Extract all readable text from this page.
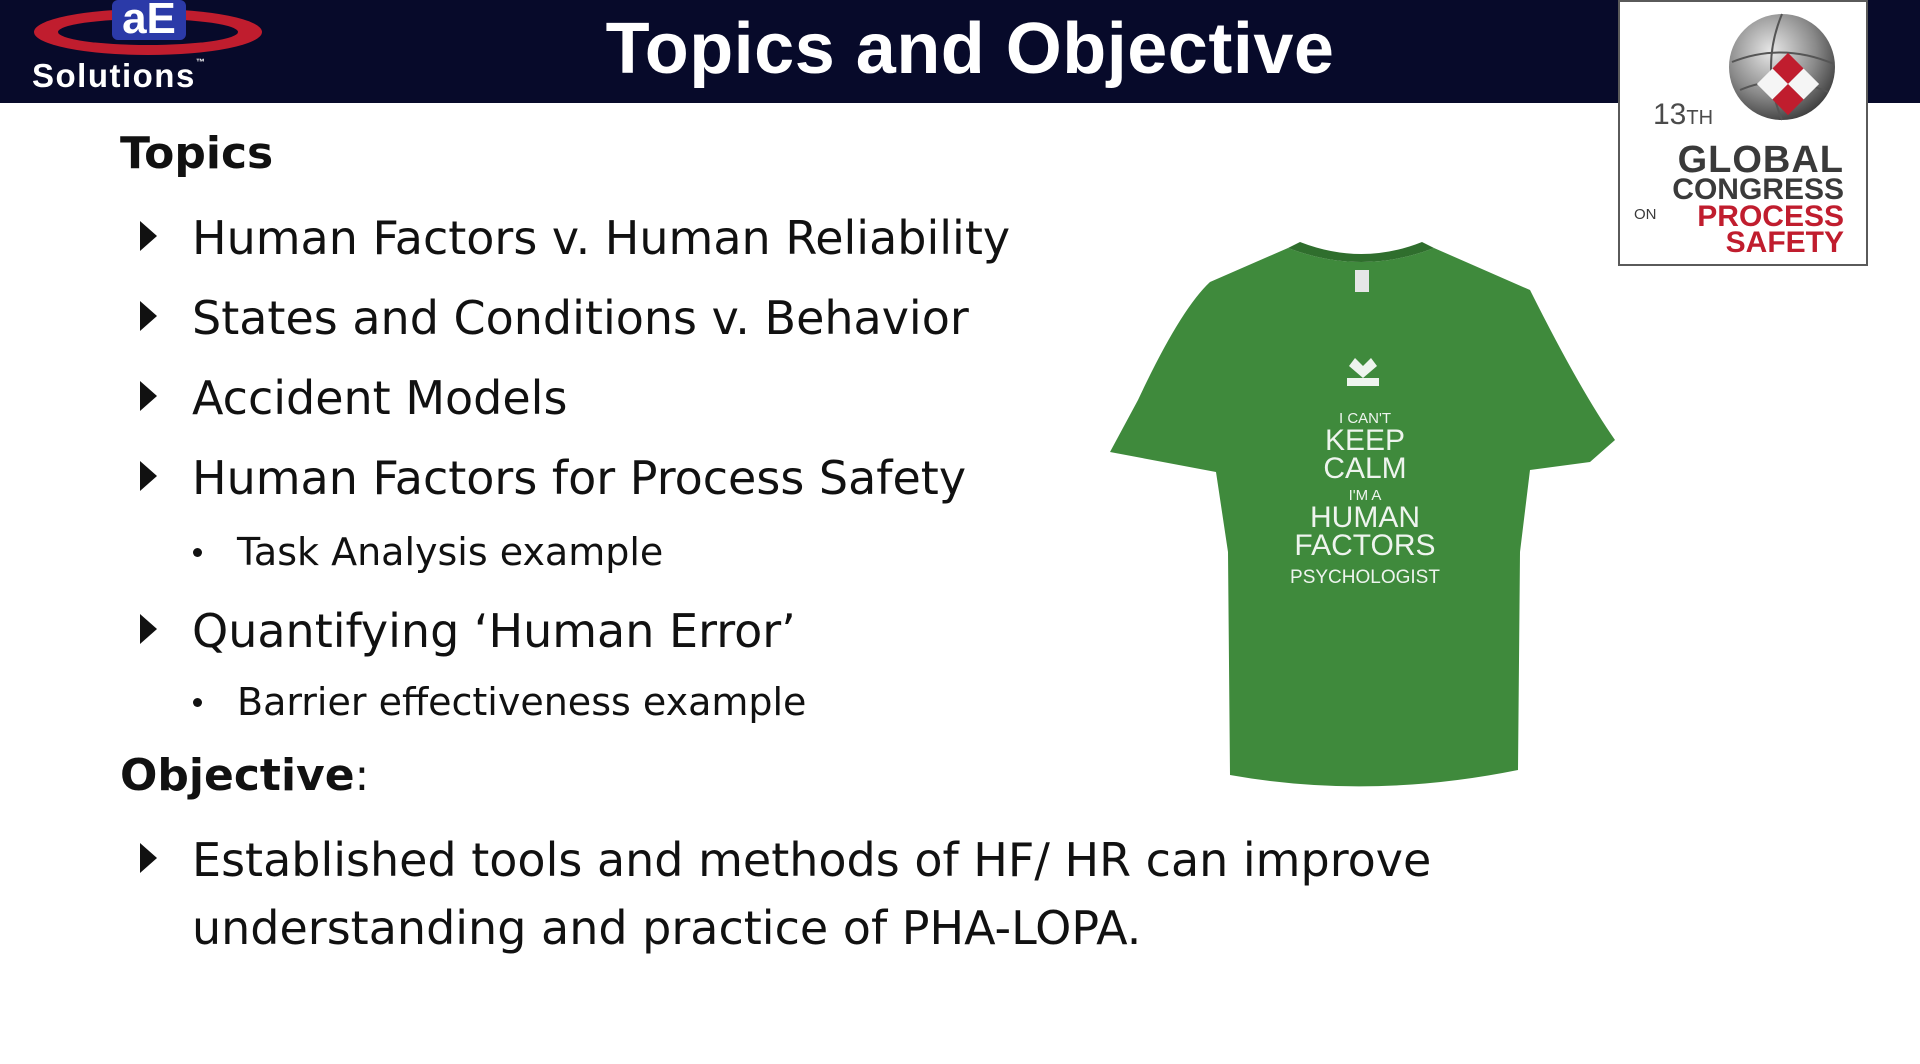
aE
Solutions™	Topics and Objective
13TH
GLOBAL
CONGRESS
ON PROCESS
SAFETY
Topics
Human Factors v. Human Reliability
States and Conditions v. Behavior
Accident Models
Human Factors for Process Safety
Task Analysis example
Quantifying ‘Human Error’
Barrier effectiveness example
Objective:
Established tools and methods of HF/ HR can improve
understanding and practice of PHA-LOPA.
I CAN'T
KEEP
CALM
I'M A
HUMAN
FACTORS
PSYCHOLOGIST
